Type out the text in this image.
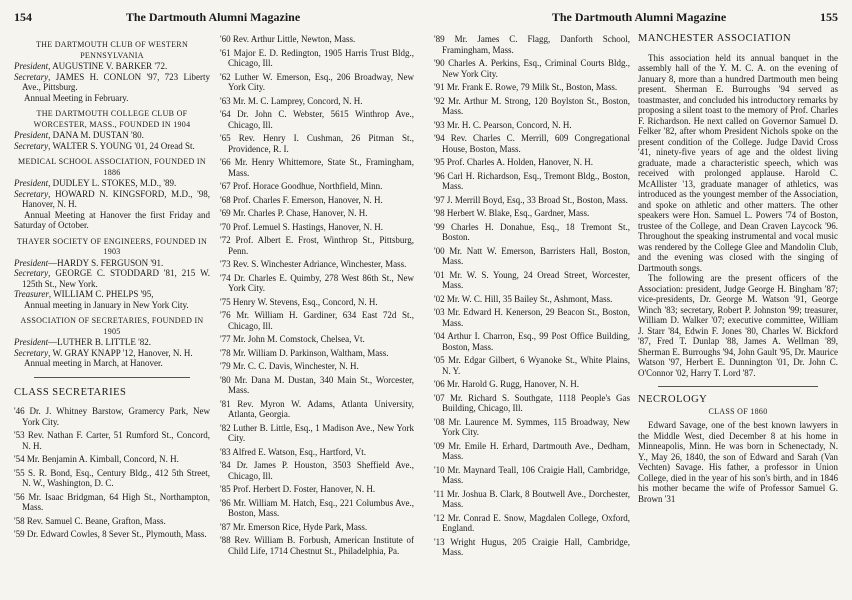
154	The Dartmouth Alumni Magazine

THE DARTMOUTH CLUB OF WESTERN PENNSYLVANIA

President, AUGUSTINE V. BARKER '72.

Secretary, JAMES H. CONLON '97, 723 Liberty Ave., Pittsburg.

Annual Meeting in February.

THE DARTMOUTH COLLEGE CLUB OF WORCESTER, MASS., FOUNDED IN 1904

President, DANA M. DUSTAN '80.

Secretary, WALTER S. YOUNG '01, 24 Oread St.

MEDICAL SCHOOL ASSOCIATION, FOUNDED IN 1886

President, DUDLEY L. STOKES, M.D., '89.

Secretary, HOWARD N. KINGSFORD, M.D., '98, Hanover, N. H.

Annual Meeting at Hanover the first Friday and Saturday of October.

THAYER SOCIETY OF ENGINEERS, FOUNDED IN 1903

President—HARDY S. FERGUSON '91.

Secretary, GEORGE C. STODDARD '81, 215 W. 125th St., New York.

Treasurer, WILLIAM C. PHELPS '95,

Annual meeting in January in New York City.

ASSOCIATION OF SECRETARIES, FOUNDED IN 1905

President—LUTHER B. LITTLE '82.

Secretary, W. GRAY KNAPP '12, Hanover, N. H.

Annual meeting in March, at Hanover.

CLASS SECRETARIES

'46 Dr. J. Whitney Barstow, Gramercy Park, New York City.

'53 Rev. Nathan F. Carter, 51 Rumford St., Concord, N. H.

'54 Mr. Benjamin A. Kimball, Concord, N. H.

'55 S. R. Bond, Esq., Century Bldg., 412 5th Street, N. W., Washington, D. C.

'56 Mr. Isaac Bridgman, 64 High St., Northampton, Mass.

'58 Rev. Samuel C. Beane, Grafton, Mass.

'59 Dr. Edward Cowles, 8 Sever St., Plymouth, Mass.

'60 Rev. Arthur Little, Newton, Mass.

'61 Major E. D. Redington, 1905 Harris Trust Bldg., Chicago, Ill.

'62 Luther W. Emerson, Esq., 206 Broadway, New York City.

'63 Mr. M. C. Lamprey, Concord, N. H.

'64 Dr. John C. Webster, 5615 Winthrop Ave., Chicago, Ill.

'65 Rev. Henry I. Cushman, 26 Pitman St., Providence, R. I.

'66 Mr. Henry Whittemore, State St., Framingham, Mass.

'67 Prof. Horace Goodhue, Northfield, Minn.

'68 Prof. Charles F. Emerson, Hanover, N. H.

'69 Mr. Charles P. Chase, Hanover, N. H.

'70 Prof. Lemuel S. Hastings, Hanover, N. H.

'72 Prof. Albert E. Frost, Winthrop St., Pittsburg, Penn.

'73 Rev. S. Winchester Adriance, Winchester, Mass.

'74 Dr. Charles E. Quimby, 278 West 86th St., New York City.

'75 Henry W. Stevens, Esq., Concord, N. H.

'76 Mr. William H. Gardiner, 634 East 72d St., Chicago, Ill.

'77 Mr. John M. Comstock, Chelsea, Vt.

'78 Mr. William D. Parkinson, Waltham, Mass.

'79 Mr. C. C. Davis, Winchester, N. H.

'80 Mr. Dana M. Dustan, 340 Main St., Worcester, Mass.

'81 Rev. Myron W. Adams, Atlanta University, Atlanta, Georgia.

'82 Luther B. Little, Esq., 1 Madison Ave., New York City.

'83 Alfred E. Watson, Esq., Hartford, Vt.

'84 Dr. James P. Houston, 3503 Sheffield Ave., Chicago, Ill.

'85 Prof. Herbert D. Foster, Hanover, N. H.

'86 Mr. William M. Hatch, Esq., 221 Columbus Ave., Boston, Mass.

'87 Mr. Emerson Rice, Hyde Park, Mass.

'88 Rev. William B. Forbush, American Institute of Child Life, 1714 Chestnut St., Philadelphia, Pa.

The Dartmouth Alumni Magazine	155

'89 Mr. James C. Flagg, Danforth School, Framingham, Mass.

'90 Charles A. Perkins, Esq., Criminal Courts Bldg., New York City.

'91 Mr. Frank E. Rowe, 79 Milk St., Boston, Mass.

'92 Mr. Arthur M. Strong, 120 Boylston St., Boston, Mass.

'93 Mr. H. C. Pearson, Concord, N. H.

'94 Rev. Charles C. Merrill, 609 Congregational House, Boston, Mass.

'95 Prof. Charles A. Holden, Hanover, N. H.

'96 Carl H. Richardson, Esq., Tremont Bldg., Boston, Mass.

'97 J. Merrill Boyd, Esq., 33 Broad St., Boston, Mass.

'98 Herbert W. Blake, Esq., Gardner, Mass.

'99 Charles H. Donahue, Esq., 18 Tremont St., Boston.

'00 Mr. Natt W. Emerson, Barristers Hall, Boston, Mass.

'01 Mr. W. S. Young, 24 Oread Street, Worcester, Mass.

'02 Mr. W. C. Hill, 35 Bailey St., Ashmont, Mass.

'03 Mr. Edward H. Kenerson, 29 Beacon St., Boston, Mass.

'04 Arthur I. Charron, Esq., 99 Post Office Building, Boston, Mass.

'05 Mr. Edgar Gilbert, 6 Wyanoke St., White Plains, N. Y.

'06 Mr. Harold G. Rugg, Hanover, N. H.

'07 Mr. Richard S. Southgate, 1118 People's Gas Building, Chicago, Ill.

'08 Mr. Laurence M. Symmes, 115 Broadway, New York City.

'09 Mr. Emile H. Erhard, Dartmouth Ave., Dedham, Mass.

'10 Mr. Maynard Teall, 106 Craigie Hall, Cambridge, Mass.

'11 Mr. Joshua B. Clark, 8 Boutwell Ave., Dorchester, Mass.

'12 Mr. Conrad E. Snow, Magdalen College, Oxford, England.

'13 Wright Hugus, 205 Craigie Hall, Cambridge, Mass.

MANCHESTER ASSOCIATION

This association held its annual banquet in the assembly hall of the Y. M. C. A. on the evening of January 8, more than a hundred Dartmouth men being present. Sherman E. Burroughs '94 served as toastmaster, and concluded his introductory remarks by proposing a silent toast to the memory of Prof. Charles F. Richardson. He next called on Governor Samuel D. Felker '82, after whom President Nichols spoke on the present condition of the College. Judge David Cross '41, ninety-five years of age and the oldest living graduate, made a characteristic speech, which was received with prolonged applause. Harold C. McAllister '13, graduate manager of athletics, was introduced as the youngest member of the Association, and spoke on athletic and other matters. The other speakers were Hon. Samuel L. Powers '74 of Boston, trustee of the College, and Dean Craven Laycock '96. Throughout the speaking instrumental and vocal music was rendered by the College Glee and Mandolin Club, and the evening was closed with the singing of Dartmouth songs.

The following are the present officers of the Association: president, Judge George H. Bingham '87; vice-presidents, Dr. George M. Watson '91, George Winch '83; secretary, Robert P. Johnston '99; treasurer, William D. Walker '07; executive committee, William J. Starr '84, Edwin F. Jones '80, Charles W. Bickford '87, Fred T. Dunlap '88, James A. Wellman '89, Sherman E. Burroughs '94, John Gault '95, Dr. Maurice Watson '97, Herbert E. Dunnington '01, Dr. John C. O'Connor '02, Harry T. Lord '87.

NECROLOGY

CLASS OF 1860

Edward Savage, one of the best known lawyers in the Middle West, died December 8 at his home in Minneapolis, Minn. He was born in Schenectady, N. Y., May 26, 1840, the son of Edward and Sarah (Van Vechten) Savage. His father, a professor in Union College, died in the year of his son's birth, and in 1846 his mother became the wife of Professor Samuel G. Brown '31
